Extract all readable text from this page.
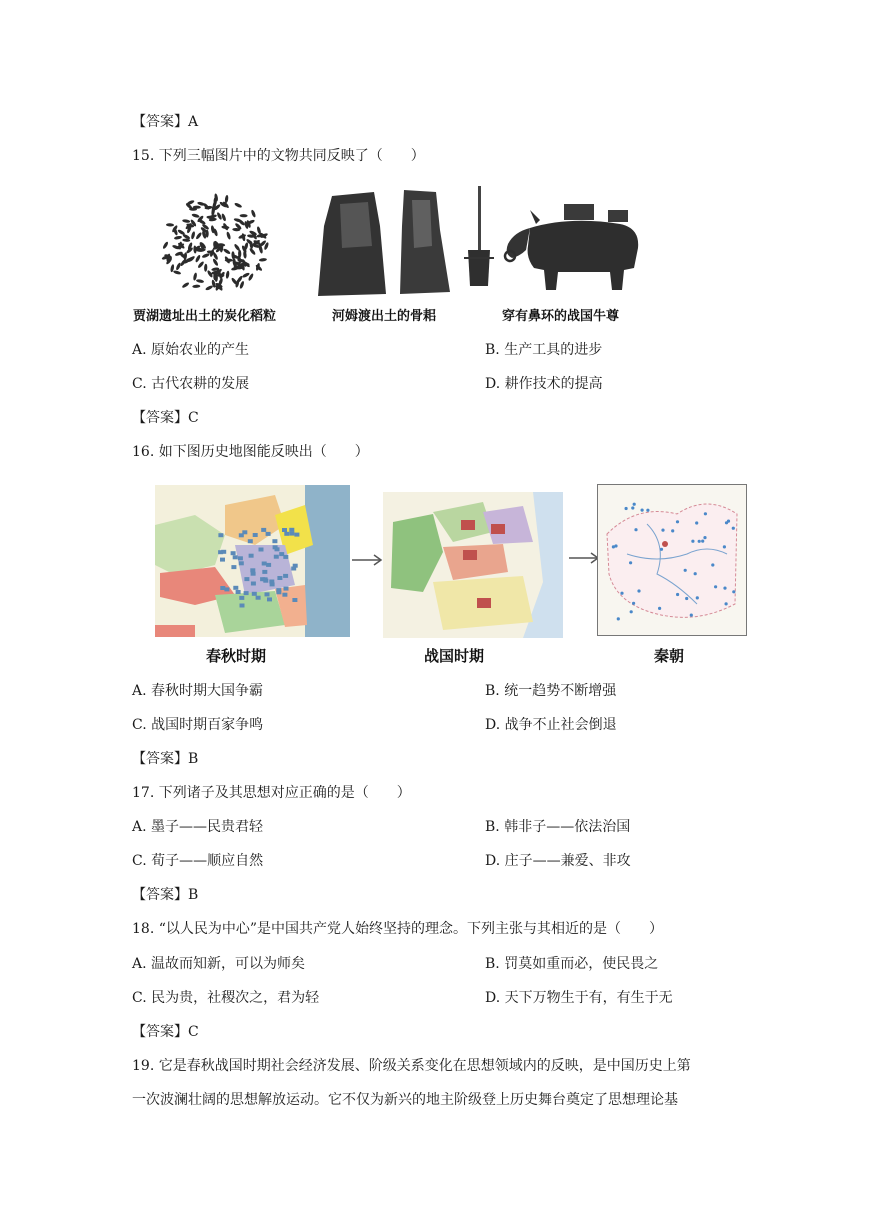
【答案】A
15. 下列三幅图片中的文物共同反映了（　　）
贾湖遗址出土的炭化稻粒	河姆渡出土的骨耜	穿有鼻环的战国牛尊
A. 原始农业的产生	B. 生产工具的进步
C. 古代农耕的发展	D. 耕作技术的提高
【答案】C
16. 如下图历史地图能反映出（　　）
春秋时期	战国时期	秦朝
A. 春秋时期大国争霸	B. 统一趋势不断增强
C. 战国时期百家争鸣	D. 战争不止社会倒退
【答案】B
17. 下列诸子及其思想对应正确的是（　　）
A. 墨子——民贵君轻	B. 韩非子——依法治国
C. 荀子——顺应自然	D. 庄子——兼爱、非攻
【答案】B
18. “以人民为中心”是中国共产党人始终坚持的理念。下列主张与其相近的是（　　）
A. 温故而知新，可以为师矣	B. 罚莫如重而必，使民畏之
C. 民为贵，社稷次之，君为轻	D. 天下万物生于有，有生于无
【答案】C
19. 它是春秋战国时期社会经济发展、阶级关系变化在思想领域内的反映，是中国历史上第
一次波澜壮阔的思想解放运动。它不仅为新兴的地主阶级登上历史舞台奠定了思想理论基
